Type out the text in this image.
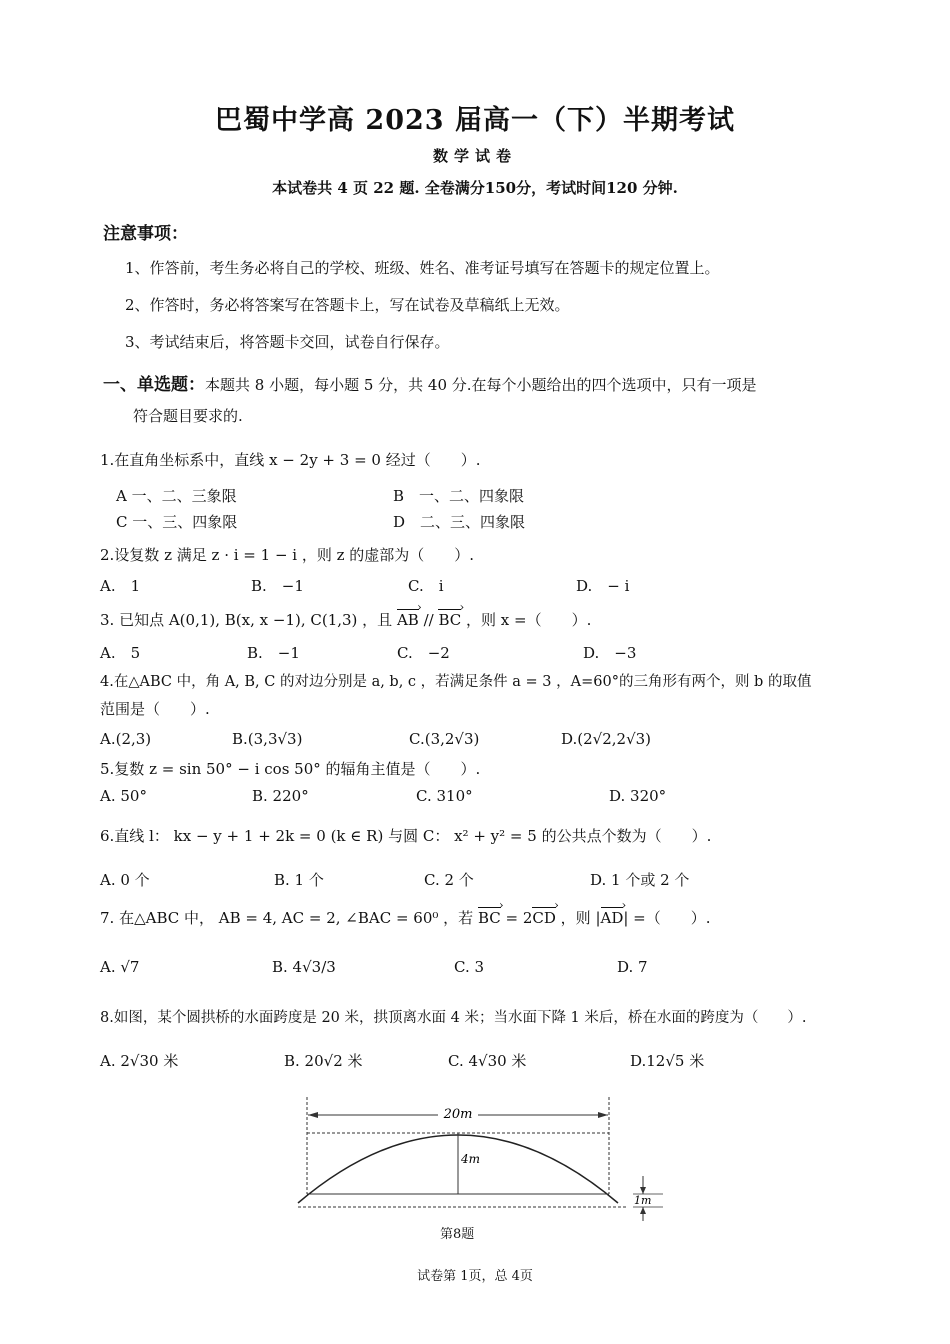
巴蜀中学高 2023 届高一（下）半期考试
数学试卷
本试卷共 4 页 22 题. 全卷满分150分，考试时间120 分钟.
注意事项：
1、作答前，考生务必将自己的学校、班级、姓名、准考证号填写在答题卡的规定位置上。
2、作答时，务必将答案写在答题卡上，写在试卷及草稿纸上无效。
3、考试结束后，将答题卡交回，试卷自行保存。
一、单选题：本题共 8 小题，每小题 5 分，共 40 分.在每个小题给出的四个选项中，只有一项是
符合题目要求的.
1.在直角坐标系中，直线 x − 2y + 3 = 0 经过（　　）.
A 一、二、三象限	B　一、二、四象限
C 一、三、四象限	D　二、三、四象限
2.设复数 z 满足 z · i = 1 − i ，则 z 的虚部为（　　）.
A.　1	B.　−1	C.　i	D.　− i
3. 已知点 A(0,1), B(x, x −1), C(1,3) ，且 AB › // BC › ，则 x =（　　）.
A.　5	B.　−1	C.　−2	D.　−3
4.在△ABC 中，角 A, B, C 的对边分别是 a, b, c ，若满足条件 a = 3 ，A=60°的三角形有两个，则 b 的取值
范围是（　　）.
A.(2,3)	B.(3,3√3)	C.(3,2√3)	D.(2√2,2√3)
5.复数 z = sin 50° − i cos 50° 的辐角主值是（　　）.
A. 50°	B. 220°	C. 310°	D. 320°
6.直线 l： kx − y + 1 + 2k = 0 (k ∈ R) 与圆 C： x² + y² = 5 的公共点个数为（　　）.
A. 0 个	B. 1 个	C. 2 个	D. 1 个或 2 个
7. 在△ABC 中， AB = 4, AC = 2, ∠BAC = 60⁰ ，若 BC › = 2CD › ，则 |AD ›| =（　　）.
A. √7	B. 4√3/3	C. 3	D. 7
8.如图，某个圆拱桥的水面跨度是 20 米，拱顶离水面 4 米；当水面下降 1 米后，桥在水面的跨度为（　　）.
A. 2√30 米	B. 20√2 米	C. 4√30 米	D.12√5 米
20m
4m
1m
第8题
试卷第 1页，总 4页
